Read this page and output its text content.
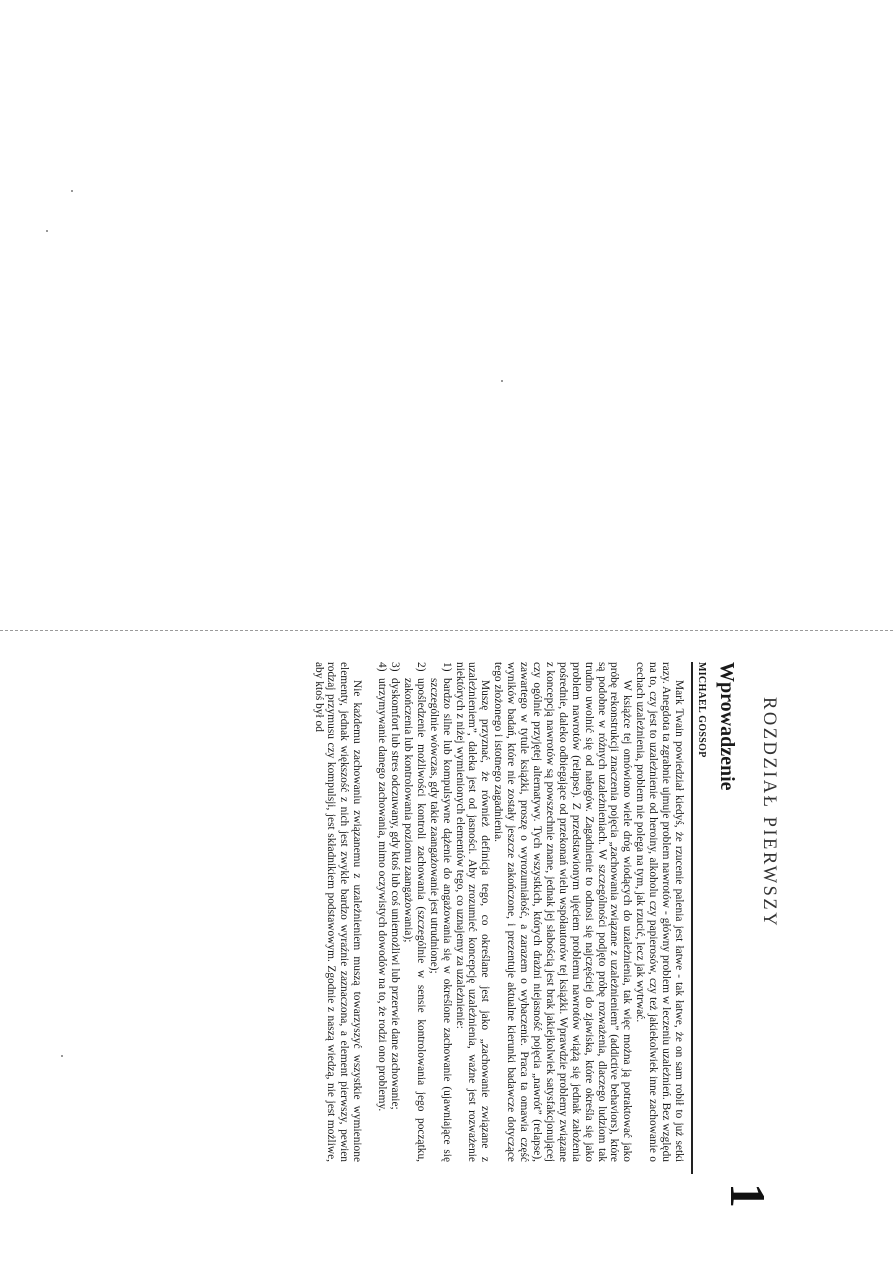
ROZDZIAŁ PIERWSZY
1
Wprowadzenie
MICHAEL GOSSOP

Mark Twain powiedział kiedyś, że rzucenie palenia jest łatwe - tak łatwe, że on sam robił to już setki razy. Anegdota ta zgrabnie ujmuje problem nawrotów - główny problem w leczeniu uzależnień. Bez względu na to, czy jest to uzależnienie od heroiny, alkoholu czy papierosów, czy też jakiekolwiek inne zachowanie o cechach uzależnienia, problem nie polega na tym, jak rzucić, lecz jak wytrwać.

W książce tej omówiono wiele dróg wiodących do uzależnienia, tak więc można ją potraktować jako próbę rekonstrukcji znaczenia pojęcia „zachowania związane z uzależnieniem” (addictive behaviors), które są podobne w różnych uzależnieniach. W szczególności podjęto próbę rozważenia, dlaczego ludziom tak trudno uwolnić się od nałogów. Zagadnienie to odnosi się najczęściej do zjawiska, które określa się jako problem nawrotów (relapse). Z przedstawionym ujęciem problemu nawrotów wiążą się jednak założenia pośrednie, daleko odbiegające od przekonań wielu współautorów tej książki. Wprawdzie problemy związane z koncepcją nawrotów są powszechnie znane, jednak jej słabością jest brak jakiejkolwiek satysfakcjonującej czy ogólnie przyjętej alternatywy. Tych wszystkich, których drażni niejasność pojęcia „nawrót” (relapse), zawartego w tytule książki, proszę o wyrozumiałość, a zarazem o wybaczenie. Praca ta omawia część wyników badań, które nie zostały jeszcze zakończone, i prezentuje aktualne kierunki badawcze dotyczące tego złożonego i istotnego zagadnienia.

Muszę przyznać, że również definicja tego, co określane jest jako „zachowanie związane z uzależnieniem”, daleka jest od jasności. Aby zrozumieć koncepcję uzależnienia, ważne jest rozważenie niektórych z niżej wymienionych elementów tego, co uznajemy za uzależnienie:

1)
bardzo silne lub kompulsywne dążenie do angażowania się w określone zachowanie (ujawniające się szczególnie wówczas, gdy takie zaangażowanie jest utrudnione);
2)
upośledzenie możliwości kontroli zachowania (szczególnie w sensie kontrolowania jego początku, zakończenia lub kontrolowania poziomu zaangażowania);
3)
dyskomfort lub stres odczuwany, gdy ktoś lub coś uniemożliwi lub przerwie dane zachowanie;
4)
utrzymywanie danego zachowania, mimo oczywistych dowodów na to, że rodzi ono problemy.

Nie każdemu zachowaniu związanemu z uzależnieniem muszą towarzyszyć wszystkie wymienione elementy, jednak większość z nich jest zwykle bardzo wyraźnie zaznaczona, a element pierwszy, pewien rodzaj przymusu czy kompulsji, jest składnikiem podstawowym. Zgodnie z naszą wiedzą, nie jest możliwe, aby ktoś był od
